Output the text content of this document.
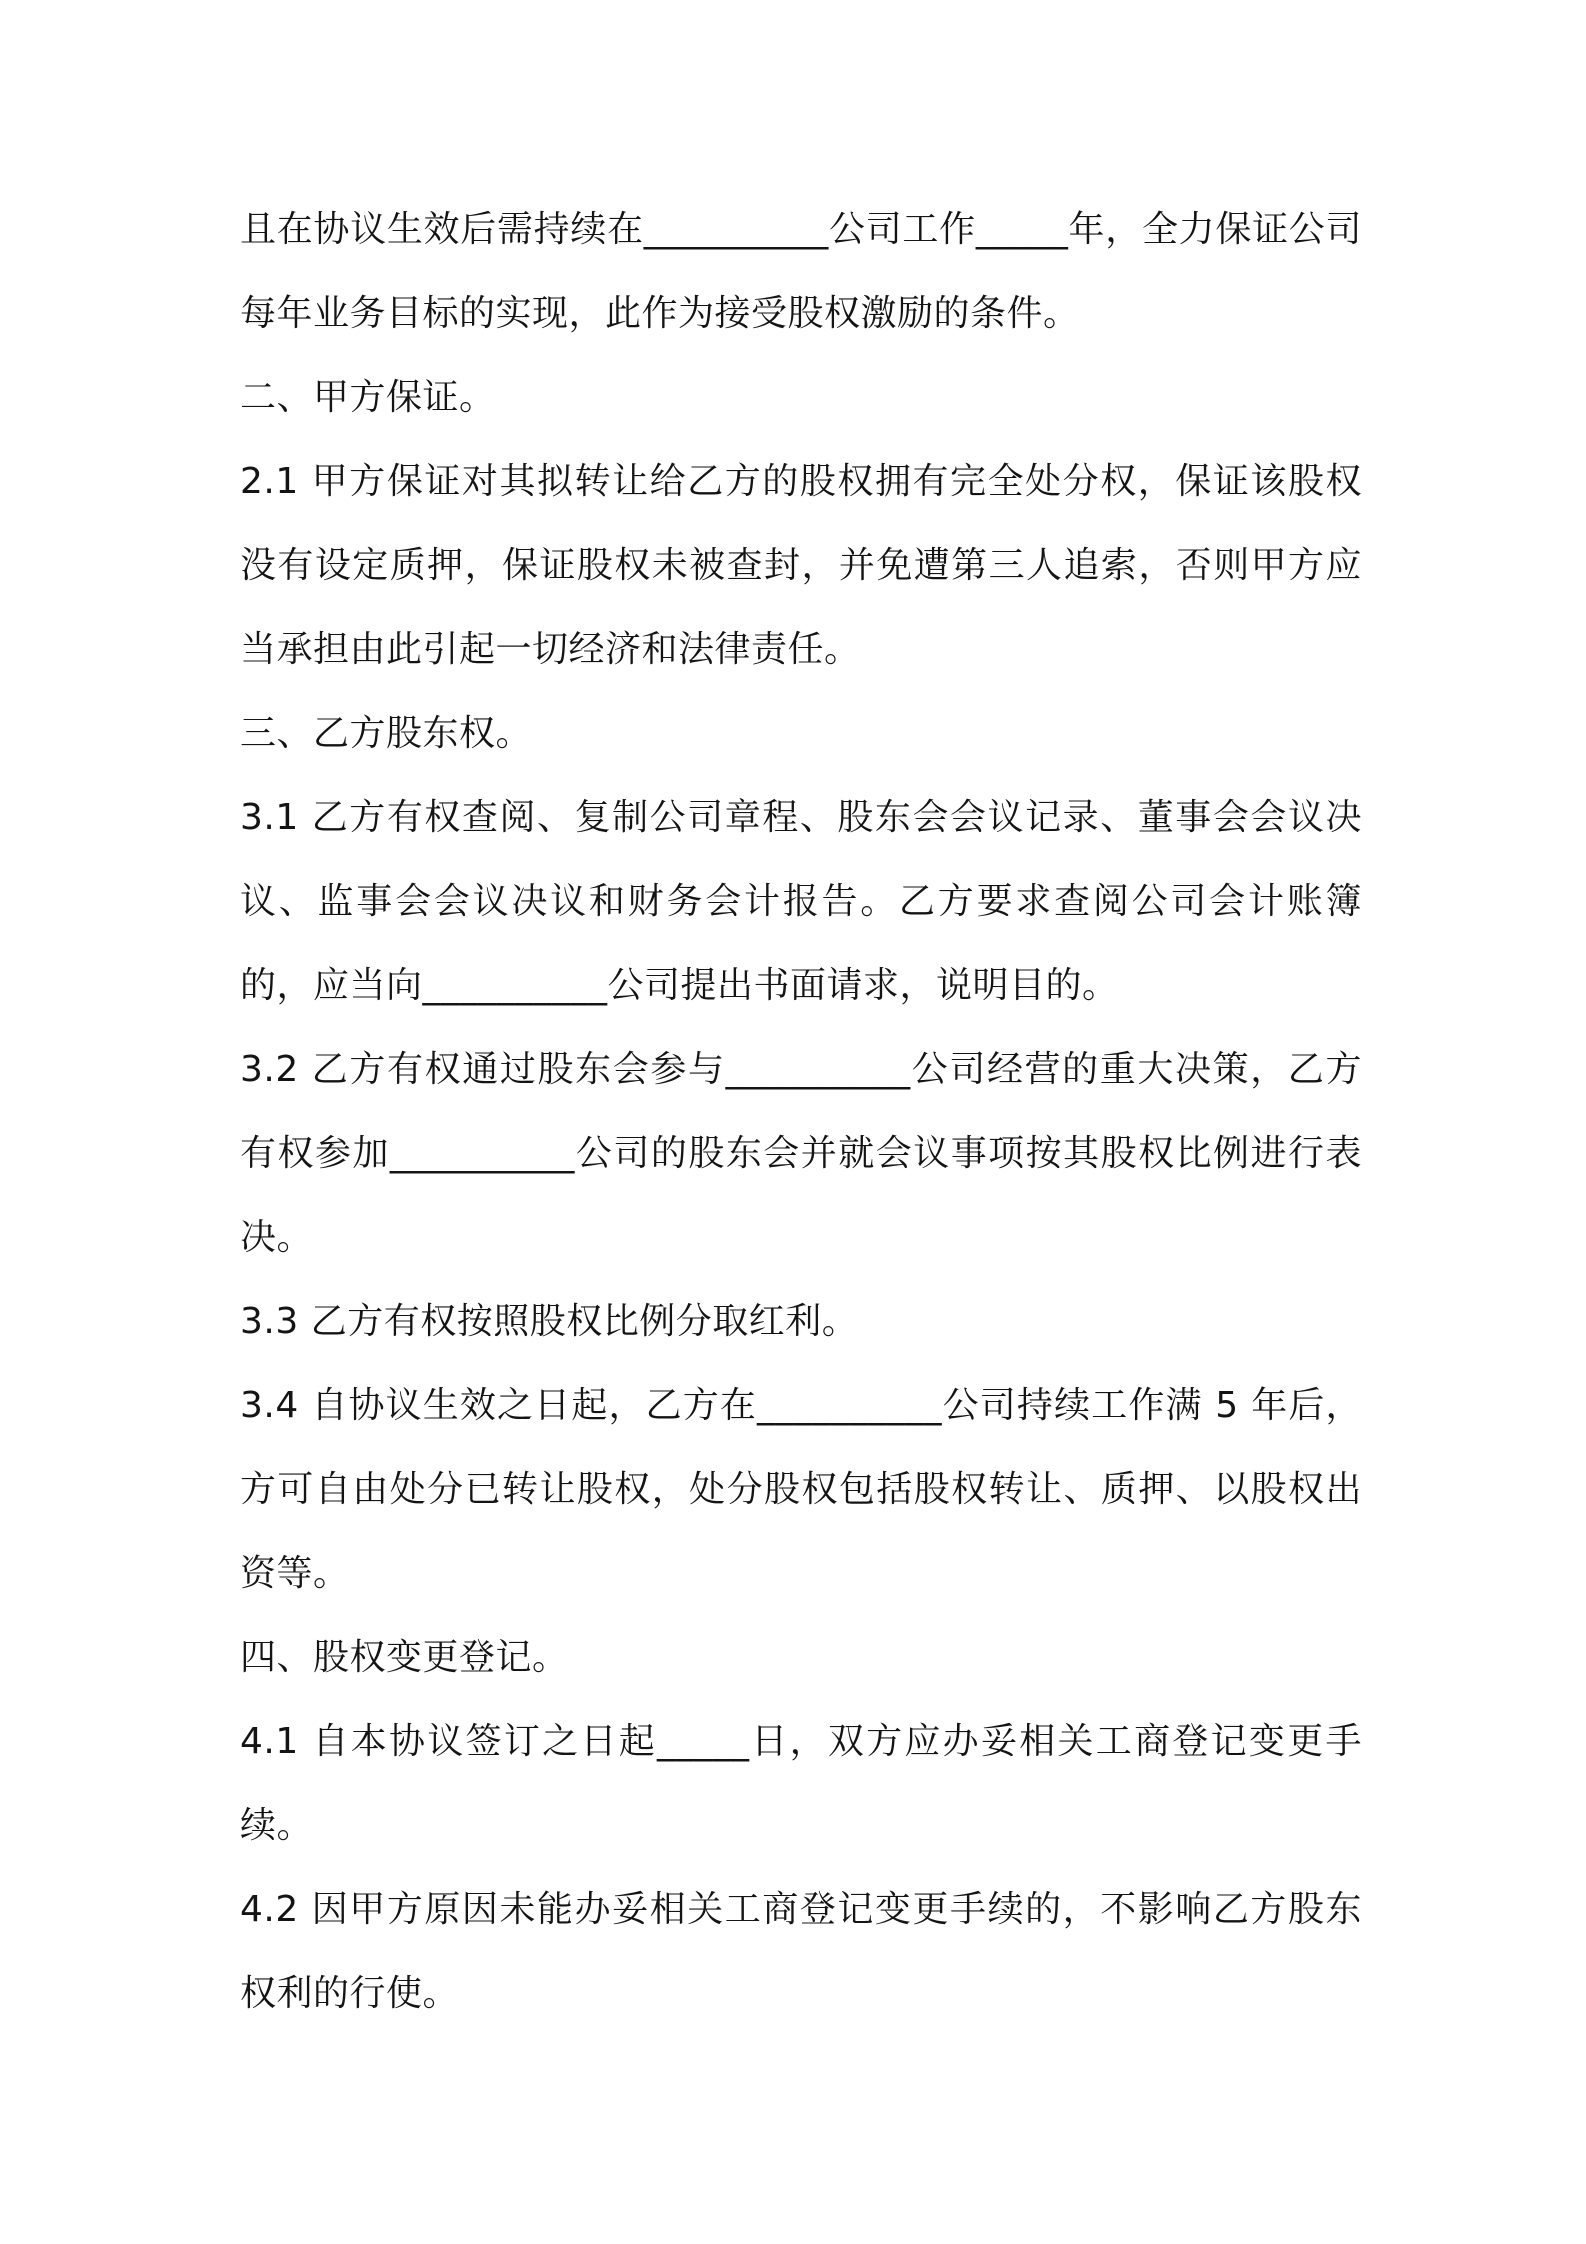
且在协议生效后需持续在__________公司工作_____年，全力保证公司每年业务目标的实现，此作为接受股权激励的条件。

二、甲方保证。

2.1 甲方保证对其拟转让给乙方的股权拥有完全处分权，保证该股权没有设定质押，保证股权未被查封，并免遭第三人追索，否则甲方应当承担由此引起一切经济和法律责任。

三、乙方股东权。

3.1 乙方有权查阅、复制公司章程、股东会会议记录、董事会会议决议、监事会会议决议和财务会计报告。乙方要求查阅公司会计账簿的，应当向__________公司提出书面请求，说明目的。

3.2 乙方有权通过股东会参与__________公司经营的重大决策，乙方有权参加__________公司的股东会并就会议事项按其股权比例进行表决。

3.3 乙方有权按照股权比例分取红利。

3.4 自协议生效之日起，乙方在__________公司持续工作满 5 年后，方可自由处分已转让股权，处分股权包括股权转让、质押、以股权出资等。

四、股权变更登记。

4.1 自本协议签订之日起_____日，双方应办妥相关工商登记变更手续。

4.2 因甲方原因未能办妥相关工商登记变更手续的，不影响乙方股东权利的行使。
